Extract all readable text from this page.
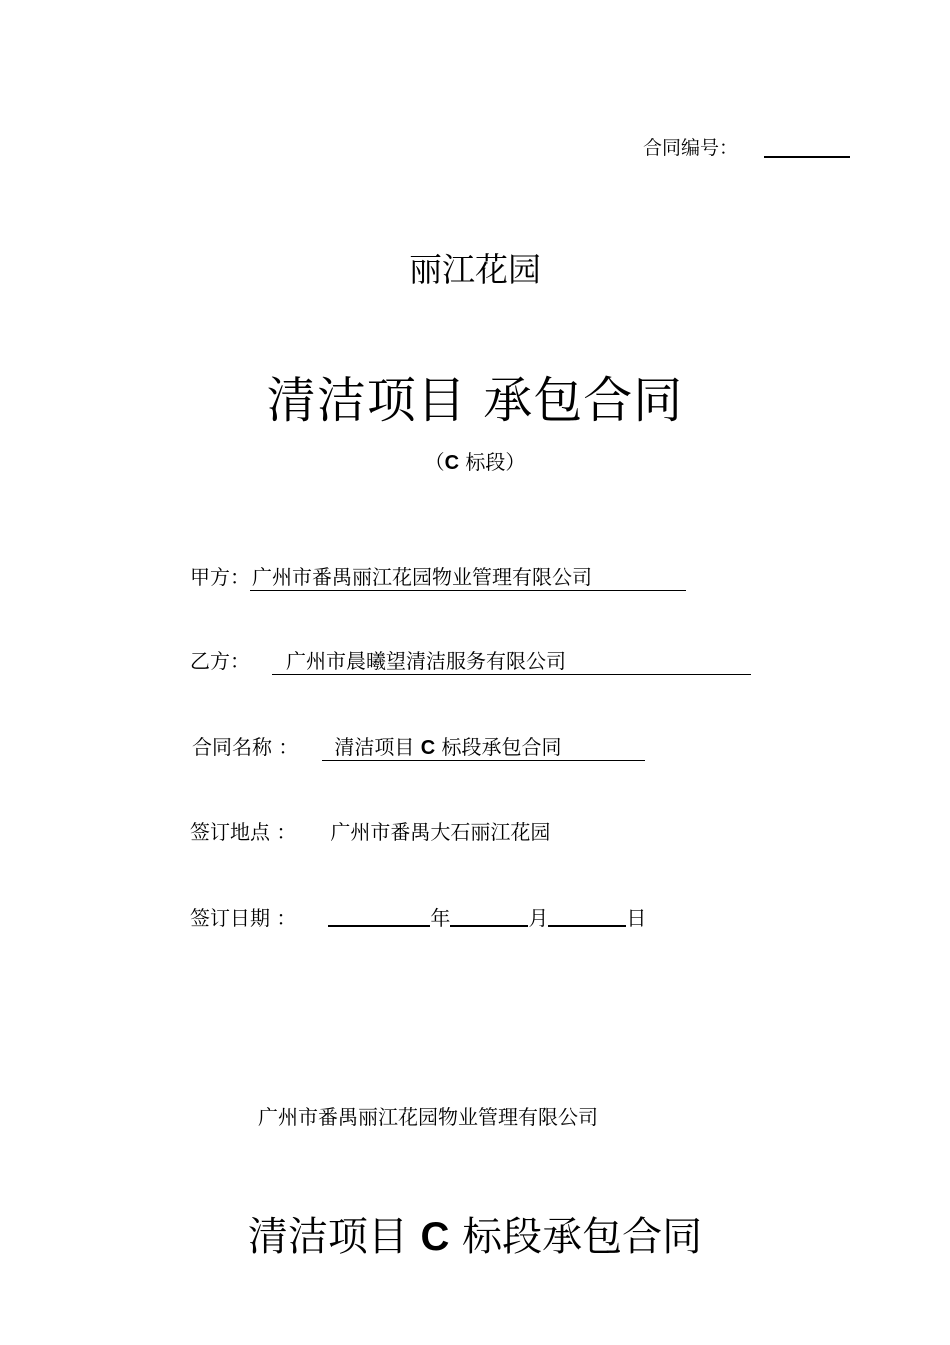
合同编号：
丽江花园
清洁项目 承包合同
（C 标段）
甲方： 广州市番禺丽江花园物业管理有限公司
乙方： 广州市晨曦望清洁服务有限公司
合同名称 ： 清洁项目 C 标段承包合同
签订地点 ： 广州市番禺大石丽江花园
签订日期 ：	年	月	日
广州市番禺丽江花园物业管理有限公司
清洁项目 C 标段承包合同
